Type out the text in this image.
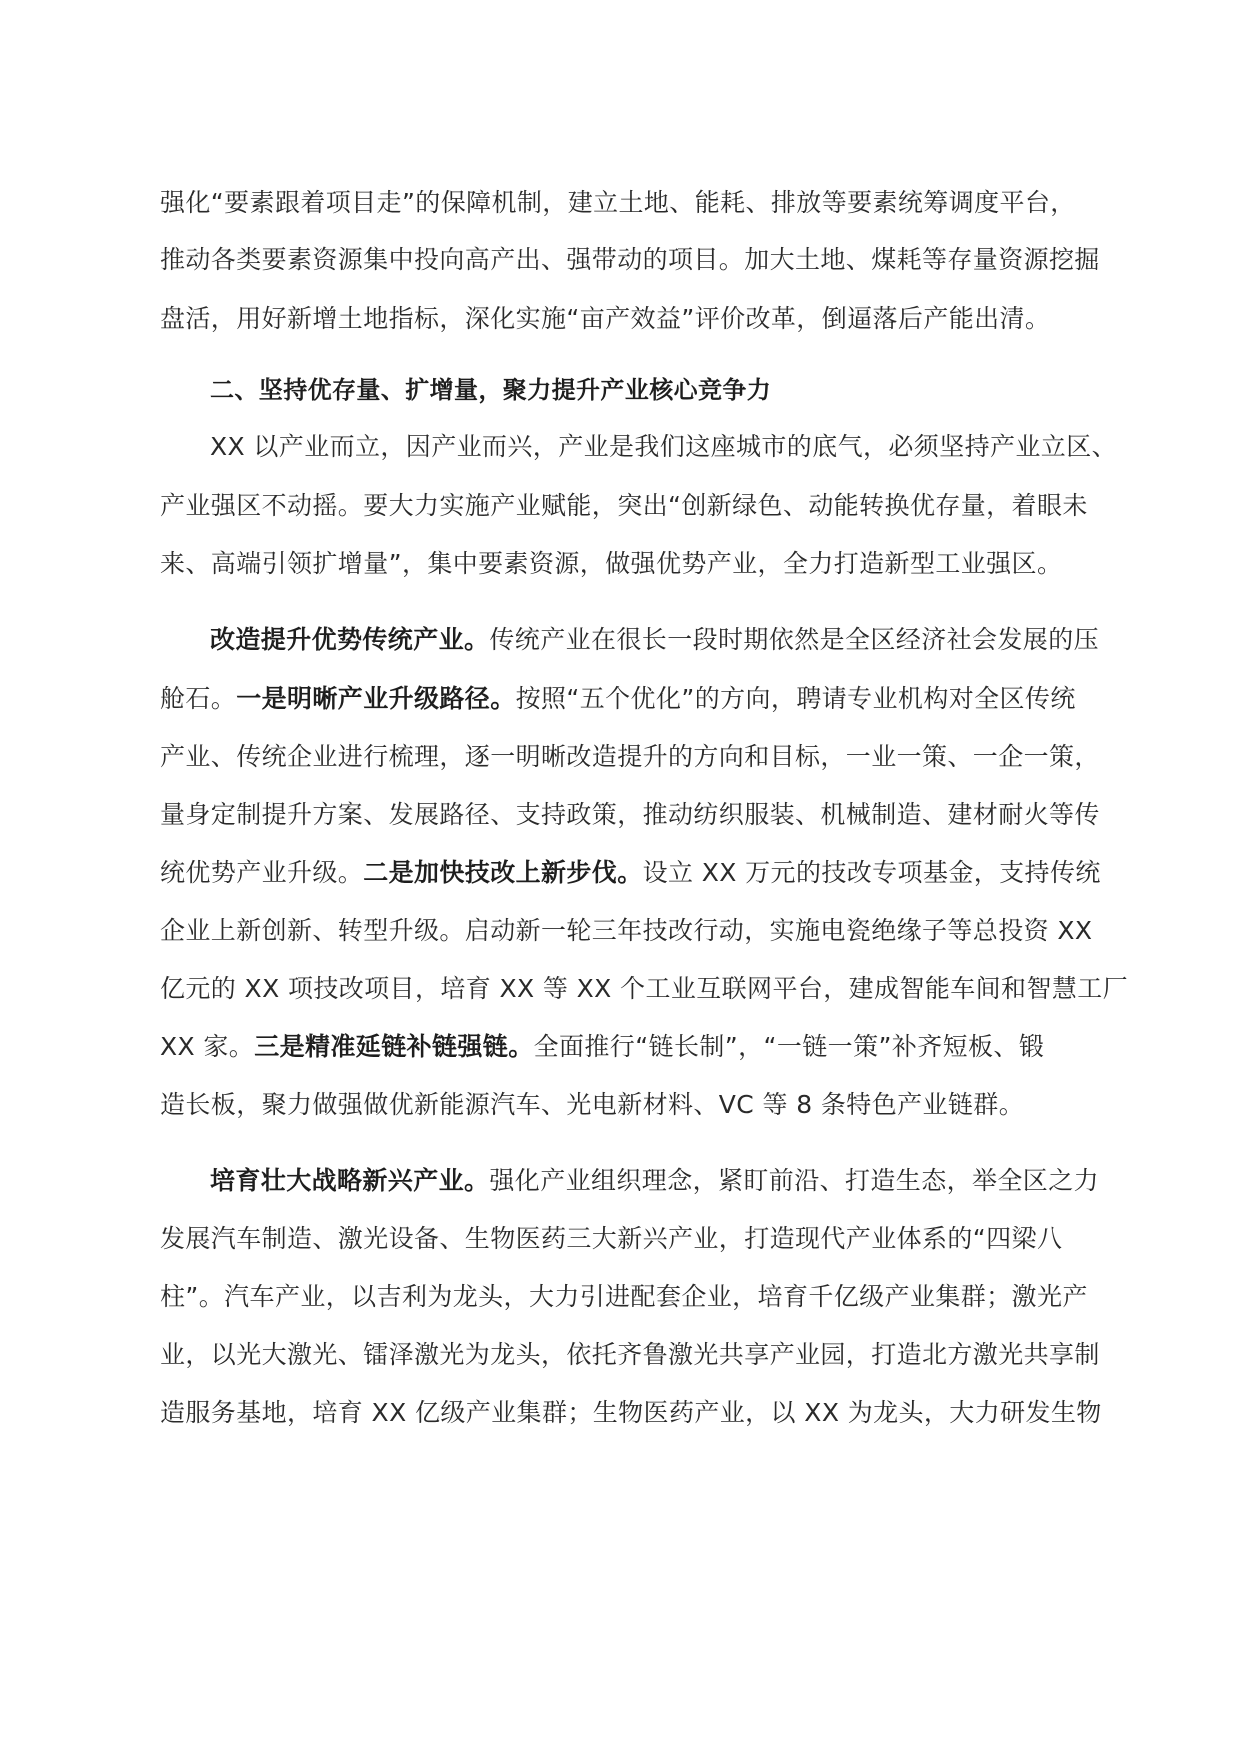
强化“要素跟着项目走”的保障机制，建立土地、能耗、排放等要素统筹调度平台，
推动各类要素资源集中投向高产出、强带动的项目。加大土地、煤耗等存量资源挖掘
盘活，用好新增土地指标，深化实施“亩产效益”评价改革，倒逼落后产能出清。
二、坚持优存量、扩增量，聚力提升产业核心竞争力
XX 以产业而立，因产业而兴，产业是我们这座城市的底气，必须坚持产业立区、
产业强区不动摇。要大力实施产业赋能，突出“创新绿色、动能转换优存量，着眼未
来、高端引领扩增量”，集中要素资源，做强优势产业，全力打造新型工业强区。
改造提升优势传统产业。传统产业在很长一段时期依然是全区经济社会发展的压
舱石。一是明晰产业升级路径。按照“五个优化”的方向，聘请专业机构对全区传统
产业、传统企业进行梳理，逐一明晰改造提升的方向和目标，一业一策、一企一策，
量身定制提升方案、发展路径、支持政策，推动纺织服装、机械制造、建材耐火等传
统优势产业升级。二是加快技改上新步伐。设立 XX 万元的技改专项基金，支持传统
企业上新创新、转型升级。启动新一轮三年技改行动，实施电瓷绝缘子等总投资 XX
亿元的 XX 项技改项目，培育 XX 等 XX 个工业互联网平台，建成智能车间和智慧工厂
XX 家。三是精准延链补链强链。全面推行“链长制”，“一链一策”补齐短板、锻
造长板，聚力做强做优新能源汽车、光电新材料、VC 等 8 条特色产业链群。
培育壮大战略新兴产业。强化产业组织理念，紧盯前沿、打造生态，举全区之力
发展汽车制造、激光设备、生物医药三大新兴产业，打造现代产业体系的“四梁八
柱”。汽车产业，以吉利为龙头，大力引进配套企业，培育千亿级产业集群；激光产
业，以光大激光、镭泽激光为龙头，依托齐鲁激光共享产业园，打造北方激光共享制
造服务基地，培育 XX 亿级产业集群；生物医药产业，以 XX 为龙头，大力研发生物
